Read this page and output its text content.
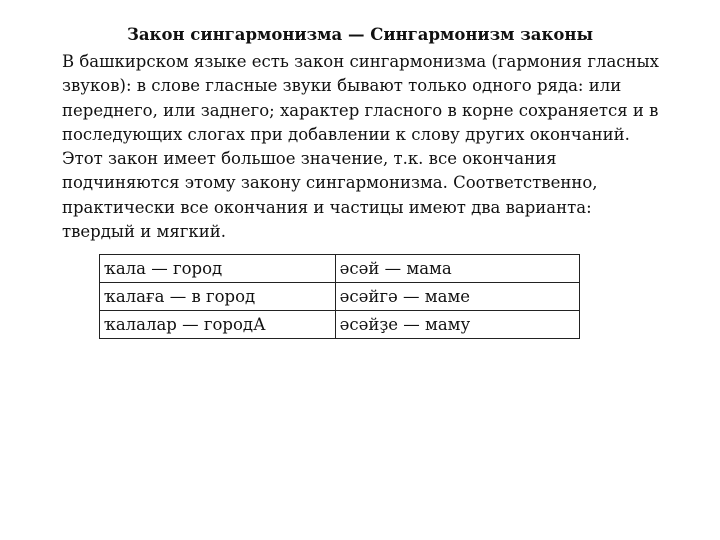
Закон сингармонизма — Сингармонизм законы

В башкирском языке есть закон сингармонизма (гармония гласных звуков): в слове гласные звуки бывают только одного ряда: или переднего, или заднего; характер гласного в корне сохраняется и в последующих слогах при добавлении к слову других окончаний.

Этот закон имеет большое значение, т.к. все окончания подчиняются этому закону сингармонизма. Соответственно, практически все окончания и частицы имеют два варианта: твердый и мягкий.

ҡала — город	әсәй — мама
ҡалаға — в город	әсәйгә — маме
ҡалалар — городА	әсәйҙе — маму
